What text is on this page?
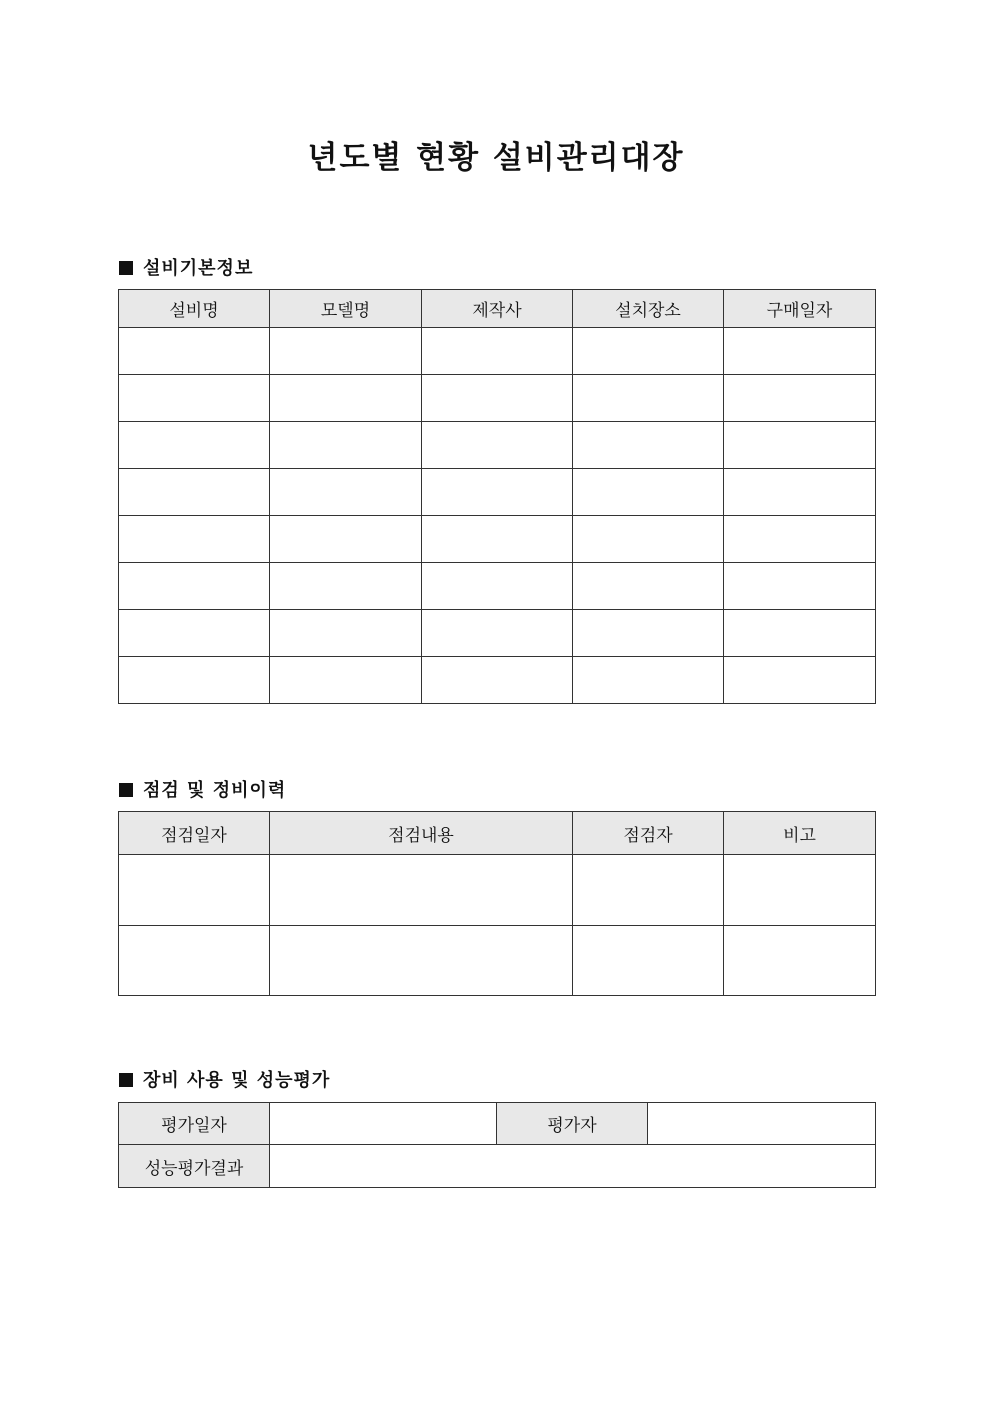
년도별 현황 설비관리대장
설비기본정보
설비명	모델명	제작사	설치장소	구매일자

점검 및 정비이력
점검일자	점검내용	점검자	비고

장비 사용 및 성능평가
평가일자		평가자	
성능평가결과			
